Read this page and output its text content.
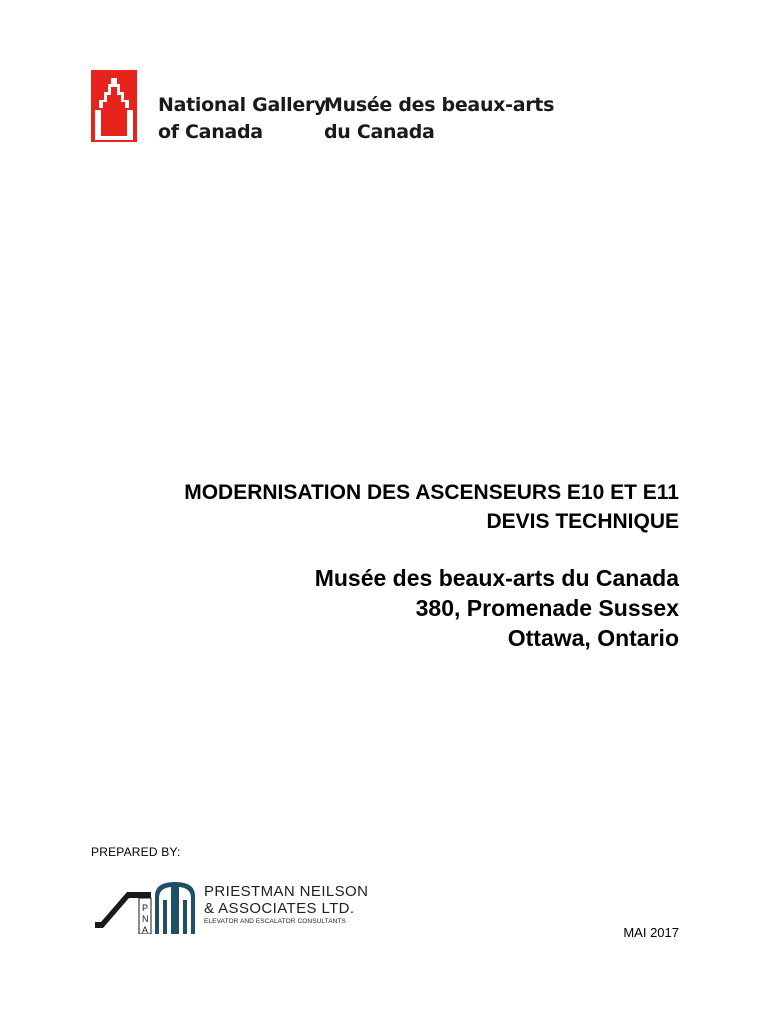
National Gallery
of Canada
Musée des beaux-arts
du Canada
MODERNISATION DES ASCENSEURS E10 ET E11
DEVIS TECHNIQUE
Musée des beaux-arts du Canada
380, Promenade Sussex
Ottawa, Ontario
PREPARED BY:
P
N
A
PRIESTMAN NEILSON
& ASSOCIATES LTD.
ELEVATOR AND ESCALATOR CONSULTANTS
MAI 2017
